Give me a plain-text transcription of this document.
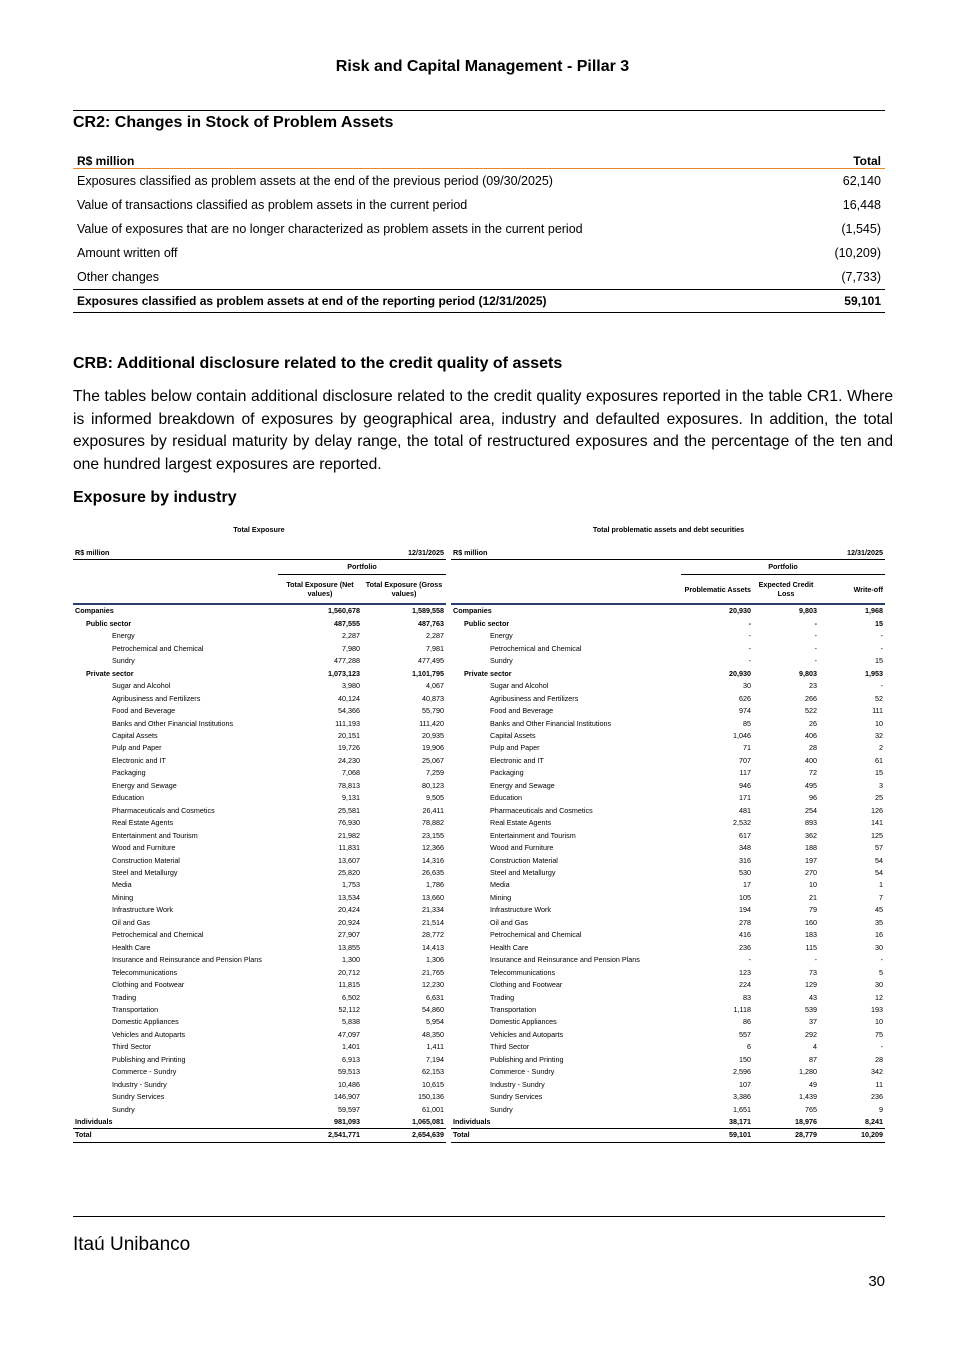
Risk and Capital Management - Pillar 3
CR2: Changes in Stock of Problem Assets
R$ million	Total
Exposures classified as problem assets at the end of the previous period (09/30/2025)	62,140
Value of transactions classified as problem assets in the current period	16,448
Value of exposures that are no longer characterized as problem assets in the current period	(1,545)
Amount written off	(10,209)
Other changes	(7,733)
Exposures classified as problem assets at end of the reporting period (12/31/2025)	59,101
CRB: Additional disclosure related to the credit quality of assets
The tables below contain additional disclosure related to the credit quality exposures reported in the table CR1. Where is informed breakdown of exposures by geographical area, industry and defaulted exposures. In addition, the total exposures by residual maturity by delay range, the total of restructured exposures and the percentage of the ten and one hundred largest exposures are reported.
Exposure by industry
Total Exposure	Total problematic assets and debt securities
R$ million		12/31/2025
	Portfolio	
	Total Exposure (Net values)	Total Exposure (Gross values)
Companies	1,560,678	1,589,558
Public sector	487,555	487,763
Energy	2,287	2,287
Petrochemical and Chemical	7,980	7,981
Sundry	477,288	477,495
Private sector	1,073,123	1,101,795
Sugar and Alcohol	3,980	4,067
Agribusiness and Fertilizers	40,124	40,873
Food and Beverage	54,366	55,790
Banks and Other Financial Institutions	111,193	111,420
Capital Assets	20,151	20,935
Pulp and Paper	19,726	19,906
Electronic and IT	24,230	25,067
Packaging	7,068	7,259
Energy and Sewage	78,813	80,123
Education	9,131	9,505
Pharmaceuticals and Cosmetics	25,581	26,411
Real Estate Agents	76,930	78,882
Entertainment and Tourism	21,982	23,155
Wood and Furniture	11,831	12,366
Construction Material	13,607	14,316
Steel and Metallurgy	25,820	26,635
Media	1,753	1,786
Mining	13,534	13,660
Infrastructure Work	20,424	21,334
Oil and Gas	20,924	21,514
Petrochemical and Chemical	27,907	28,772
Health Care	13,855	14,413
Insurance and Reinsurance and Pension Plans	1,300	1,306
Telecommunications	20,712	21,765
Clothing and Footwear	11,815	12,230
Trading	6,502	6,631
Transportation	52,112	54,860
Domestic Appliances	5,838	5,954
Vehicles and Autoparts	47,097	48,350
Third Sector	1,401	1,411
Publishing and Printing	6,913	7,194
Commerce - Sundry	59,513	62,153
Industry - Sundry	10,486	10,615
Sundry Services	146,907	150,136
Sundry	59,597	61,001
Individuals	981,093	1,065,081
Total	2,541,771	2,654,639
R$ million			12/31/2025
	Portfolio		
	Problematic Assets	Expected Credit Loss	Write-off
Companies	20,930	9,803	1,968
Public sector	-	-	15
Energy	-	-	-
Petrochemical and Chemical	-	-	-
Sundry	-	-	15
Private sector	20,930	9,803	1,953
Sugar and Alcohol	30	23	-
Agribusiness and Fertilizers	626	266	52
Food and Beverage	974	522	111
Banks and Other Financial Institutions	85	26	10
Capital Assets	1,046	406	32
Pulp and Paper	71	28	2
Electronic and IT	707	400	61
Packaging	117	72	15
Energy and Sewage	946	495	3
Education	171	96	25
Pharmaceuticals and Cosmetics	481	254	126
Real Estate Agents	2,532	893	141
Entertainment and Tourism	617	362	125
Wood and Furniture	348	188	57
Construction Material	316	197	54
Steel and Metallurgy	530	270	54
Media	17	10	1
Mining	105	21	7
Infrastructure Work	194	79	45
Oil and Gas	278	160	35
Petrochemical and Chemical	416	183	16
Health Care	236	115	30
Insurance and Reinsurance and Pension Plans	-	-	-
Telecommunications	123	73	5
Clothing and Footwear	224	129	30
Trading	83	43	12
Transportation	1,118	539	193
Domestic Appliances	86	37	10
Vehicles and Autoparts	557	292	75
Third Sector	6	4	-
Publishing and Printing	150	87	28
Commerce - Sundry	2,596	1,280	342
Industry - Sundry	107	49	11
Sundry Services	3,386	1,439	236
Sundry	1,651	765	9
Individuals	38,171	18,976	8,241
Total	59,101	28,779	10,209
Itaú Unibanco
30
